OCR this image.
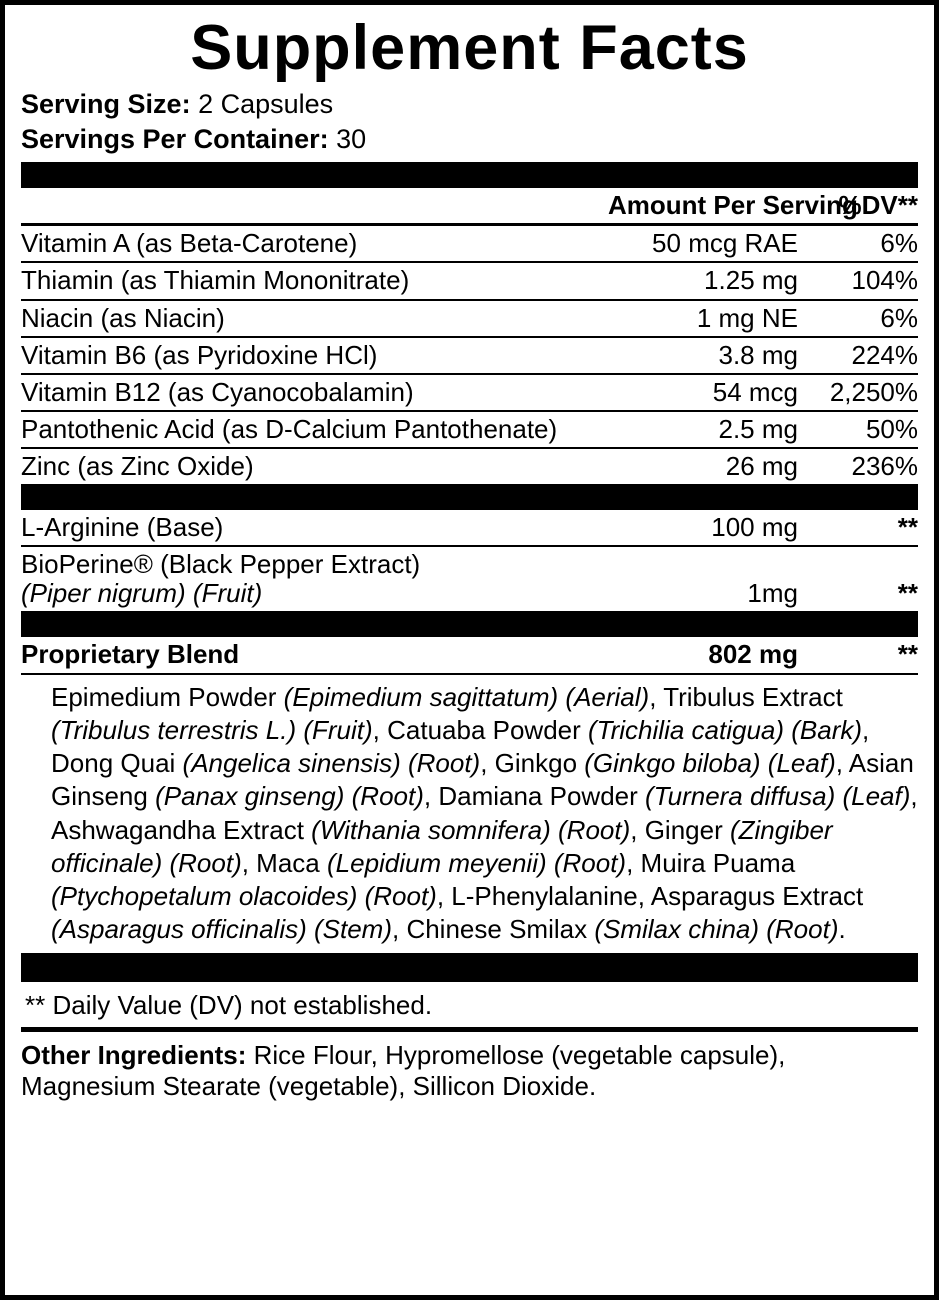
Supplement Facts
Serving Size: 2 Capsules
Servings Per Container: 30
	Amount Per Serving	%DV**
Vitamin A (as Beta-Carotene)	50 mcg RAE	6%
Thiamin (as Thiamin Mononitrate)	1.25 mg	104%
Niacin (as Niacin)	1 mg NE	6%
Vitamin B6 (as Pyridoxine HCl)	3.8 mg	224%
Vitamin B12 (as Cyanocobalamin)	54 mcg	2,250%
Pantothenic Acid (as D-Calcium Pantothenate)	2.5 mg	50%
Zinc (as Zinc Oxide)	26 mg	236%
L-Arginine (Base)	100 mg	**
BioPerine® (Black Pepper Extract)
(Piper nigrum) (Fruit)	1mg	**
Proprietary Blend	802 mg	**
Epimedium Powder (Epimedium sagittatum) (Aerial), Tribulus Extract (Tribulus terrestris L.) (Fruit), Catuaba Powder (Trichilia catigua) (Bark), Dong Quai (Angelica sinensis) (Root), Ginkgo (Ginkgo biloba) (Leaf), Asian Ginseng (Panax ginseng) (Root), Damiana Powder (Turnera diffusa) (Leaf), Ashwagandha Extract (Withania somnifera) (Root), Ginger (Zingiber officinale) (Root), Maca (Lepidium meyenii) (Root), Muira Puama (Ptychopetalum olacoides) (Root), L-Phenylalanine, Asparagus Extract (Asparagus officinalis) (Stem), Chinese Smilax (Smilax china) (Root).
** Daily Value (DV) not established.
Other Ingredients: Rice Flour, Hypromellose (vegetable capsule), Magnesium Stearate (vegetable), Sillicon Dioxide.
